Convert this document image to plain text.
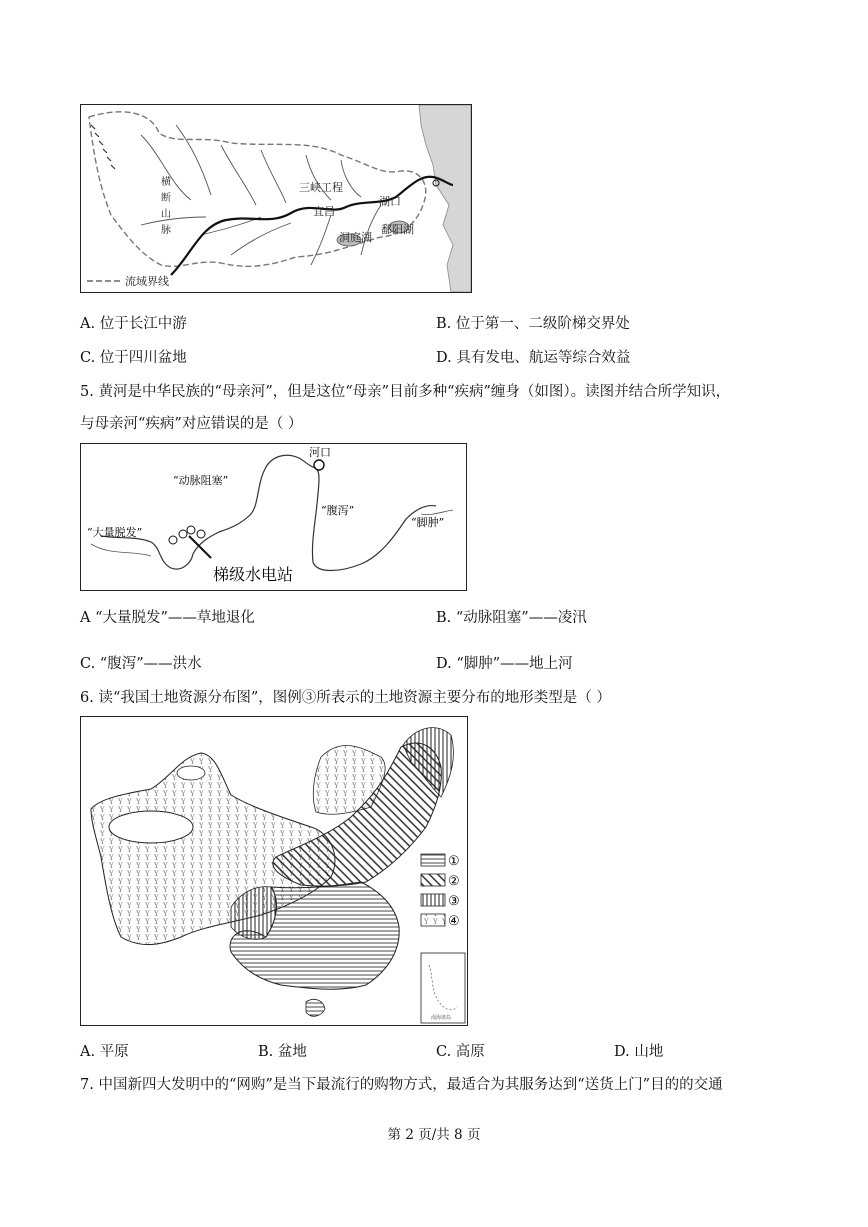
三峡工程
宜昌
湖口
洞庭湖
鄱阳湖
横
断
山
脉
流域界线
A. 位于长江中游	B. 位于第一、二级阶梯交界处
C. 位于四川盆地	D. 具有发电、航运等综合效益
5. 黄河是中华民族的“母亲河”，但是这位“母亲”目前多种“疾病”缠身（如图）。读图并结合所学知识，
与母亲河“疾病”对应错误的是（ ）
河口
“动脉阻塞”
“腹泻”
“脚肿”
“大量脱发”
梯级水电站
A “大量脱发”——草地退化	B. “动脉阻塞”——凌汛
C. “腹泻”——洪水	D. “脚肿”——地上河
6. 读“我国土地资源分布图”，图例③所表示的土地资源主要分布的地形类型是（ ）
①
②
③
④
南海诸岛
A. 平原	B. 盆地	C. 高原	D. 山地
7. 中国新四大发明中的“网购”是当下最流行的购物方式，最适合为其服务达到“送货上门”目的的交通
第 2 页/共 8 页
